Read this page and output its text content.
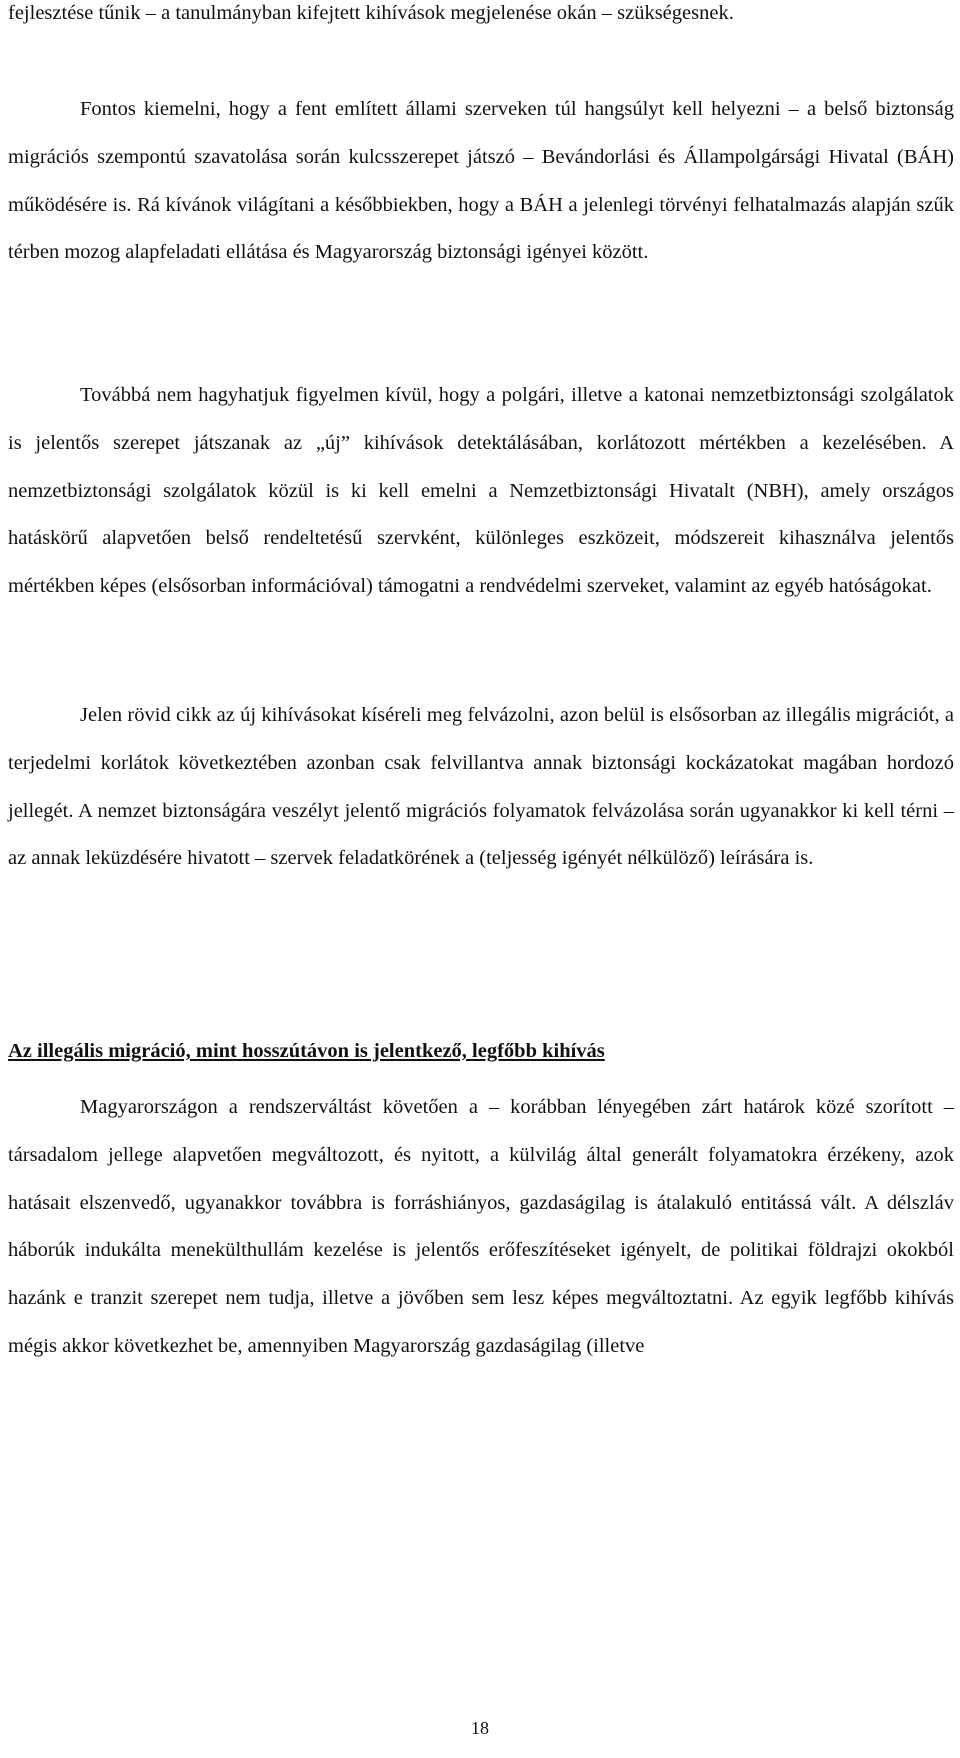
fejlesztése tűnik – a tanulmányban kifejtett kihívások megjelenése okán – szükségesnek.

Fontos kiemelni, hogy a fent említett állami szerveken túl hangsúlyt kell helyezni – a belső biztonság migrációs szempontú szavatolása során kulcsszerepet játszó – Bevándorlási és Állampolgársági Hivatal (BÁH) működésére is. Rá kívánok világítani a későbbiekben, hogy a BÁH a jelenlegi törvényi felhatalmazás alapján szűk térben mozog alapfeladati ellátása és Magyarország biztonsági igényei között.

Továbbá nem hagyhatjuk figyelmen kívül, hogy a polgári, illetve a katonai nemzetbiztonsági szolgálatok is jelentős szerepet játszanak az „új” kihívások detektálásában, korlátozott mértékben a kezelésében. A nemzetbiztonsági szolgálatok közül is ki kell emelni a Nemzetbiztonsági Hivatalt (NBH), amely országos hatáskörű alapvetően belső rendeltetésű szervként, különleges eszközeit, módszereit kihasználva jelentős mértékben képes (elsősorban információval) támogatni a rendvédelmi szerveket, valamint az egyéb hatóságokat.

Jelen rövid cikk az új kihívásokat kíséreli meg felvázolni, azon belül is elsősorban az illegális migrációt, a terjedelmi korlátok következtében azonban csak felvillantva annak biztonsági kockázatokat magában hordozó jellegét. A nemzet biztonságára veszélyt jelentő migrációs folyamatok felvázolása során ugyanakkor ki kell térni – az annak leküzdésére hivatott – szervek feladatkörének a (teljesség igényét nélkülöző) leírására is.

Az illegális migráció, mint hosszútávon is jelentkező, legfőbb kihívás

Magyarországon a rendszerváltást követően a – korábban lényegében zárt határok közé szorított – társadalom jellege alapvetően megváltozott, és nyitott, a külvilág által generált folyamatokra érzékeny, azok hatásait elszenvedő, ugyanakkor továbbra is forráshiányos, gazdaságilag is átalakuló entitássá vált. A délszláv háborúk indukálta menekülthullám kezelése is jelentős erőfeszítéseket igényelt, de politikai földrajzi okokból hazánk e tranzit szerepet nem tudja, illetve a jövőben sem lesz képes megváltoztatni. Az egyik legfőbb kihívás mégis akkor következhet be, amennyiben Magyarország gazdaságilag (illetve

18
